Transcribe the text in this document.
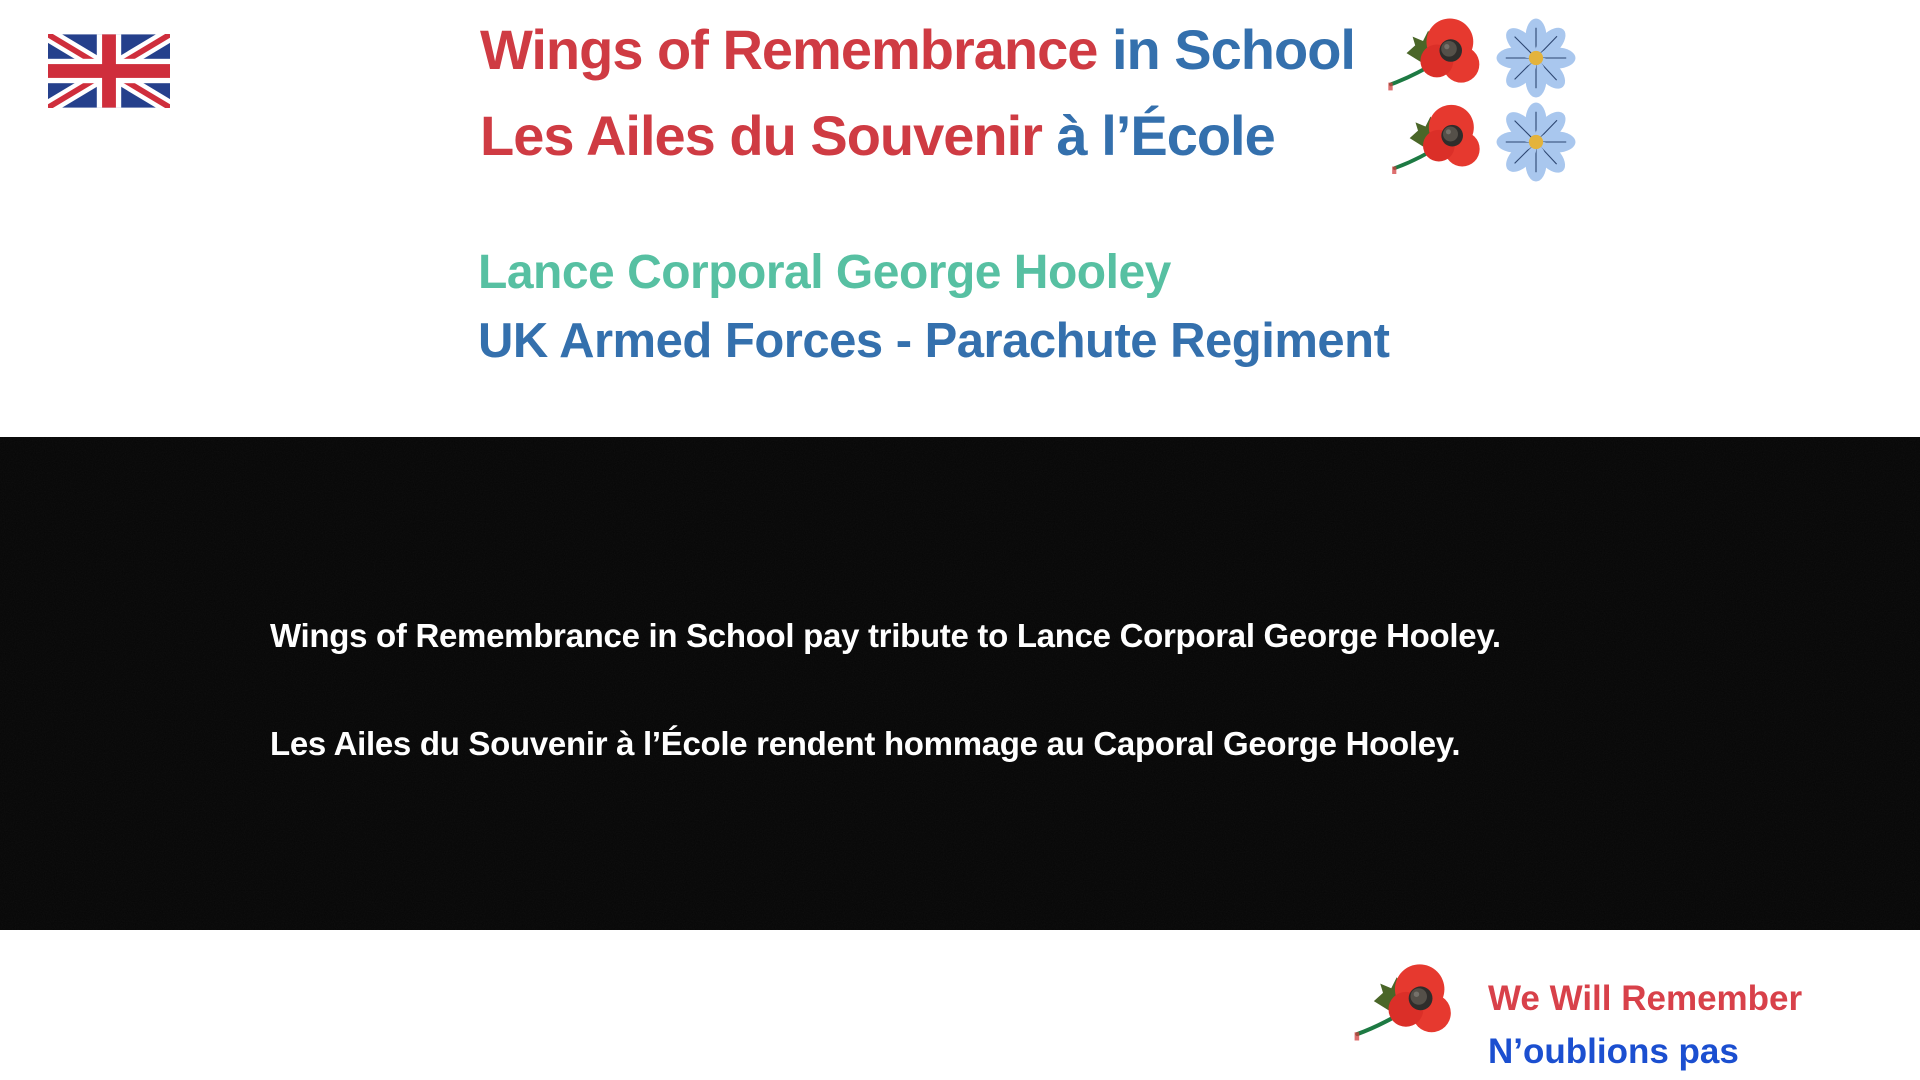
Wings of Remembrance in School
Les Ailes du Souvenir à l’École
Lance Corporal George Hooley
UK Armed Forces - Parachute Regiment

Wings of Remembrance in School pay tribute to Lance Corporal George Hooley.

Les Ailes du Souvenir à l’École rendent hommage au Caporal George Hooley.

We Will Remember
N’oublions pas
